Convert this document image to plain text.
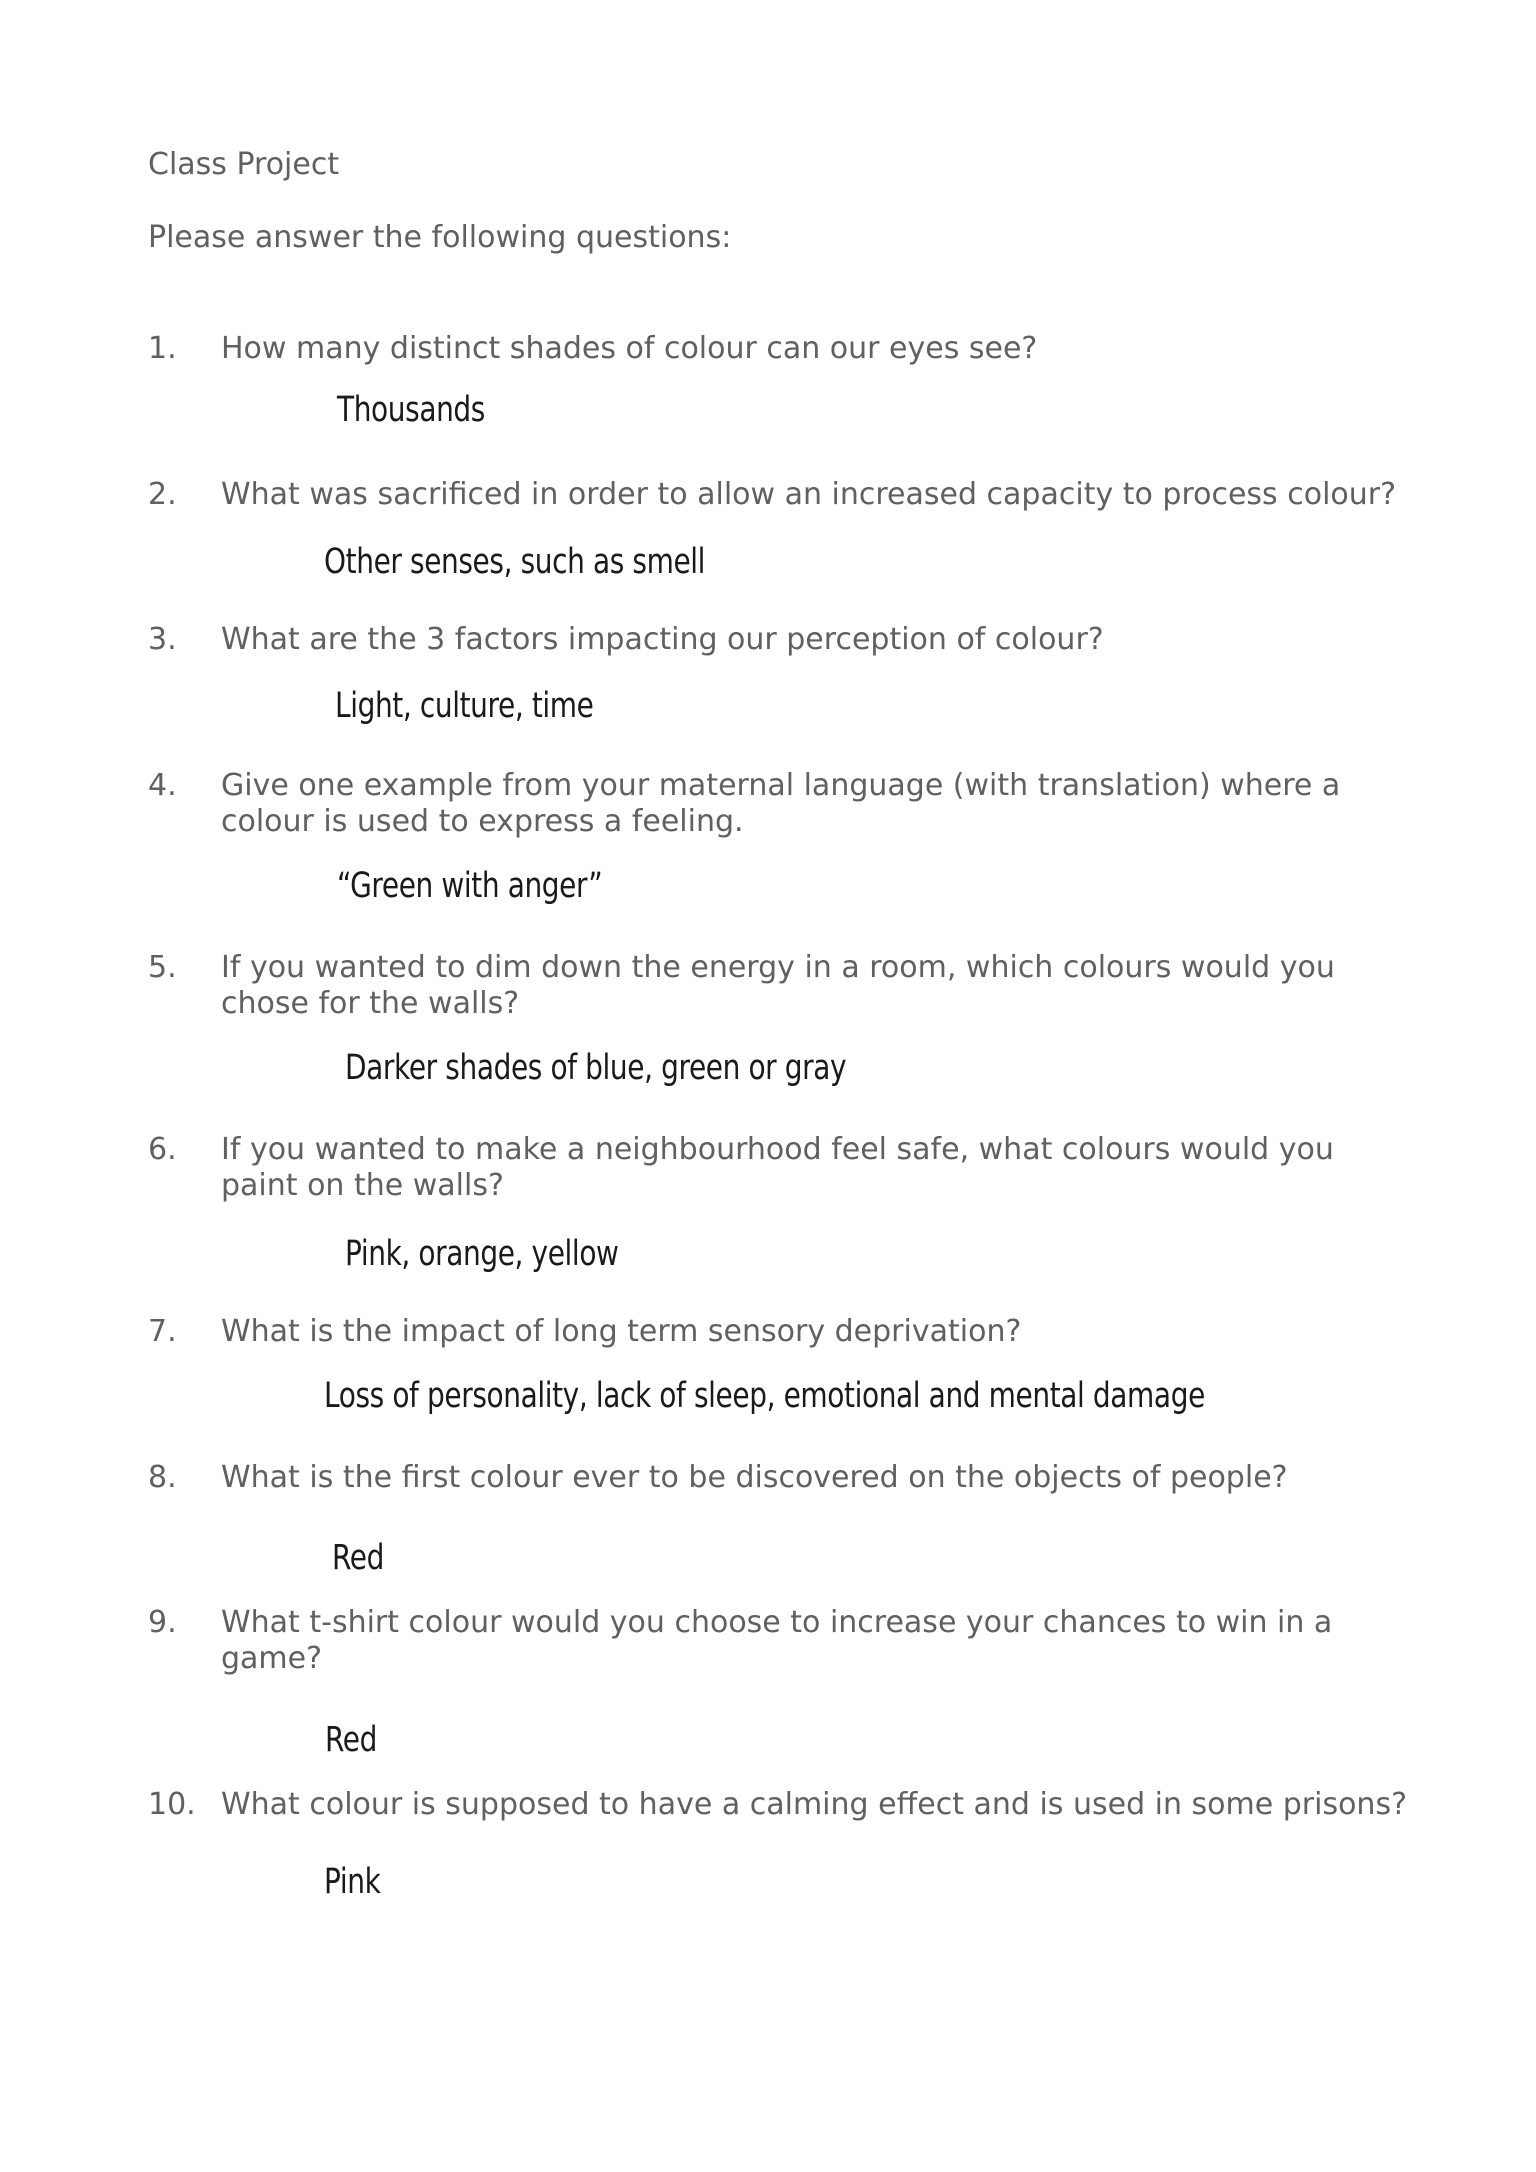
Class Project
Please answer the following questions:
1. How many distinct shades of colour can our eyes see?
Thousands
2. What was sacrificed in order to allow an increased capacity to process colour?
Other senses, such as smell
3. What are the 3 factors impacting our perception of colour?
Light, culture, time
4. Give one example from your maternal language (with translation) where a colour is used to express a feeling.
“Green with anger”
5. If you wanted to dim down the energy in a room, which colours would you chose for the walls?
Darker shades of blue, green or gray
6. If you wanted to make a neighbourhood feel safe, what colours would you paint on the walls?
Pink, orange, yellow
7. What is the impact of long term sensory deprivation?
Loss of personality, lack of sleep, emotional and mental damage
8. What is the first colour ever to be discovered on the objects of people?
Red
9. What t-shirt colour would you choose to increase your chances to win in a game?
Red
10. What colour is supposed to have a calming effect and is used in some prisons?
Pink
